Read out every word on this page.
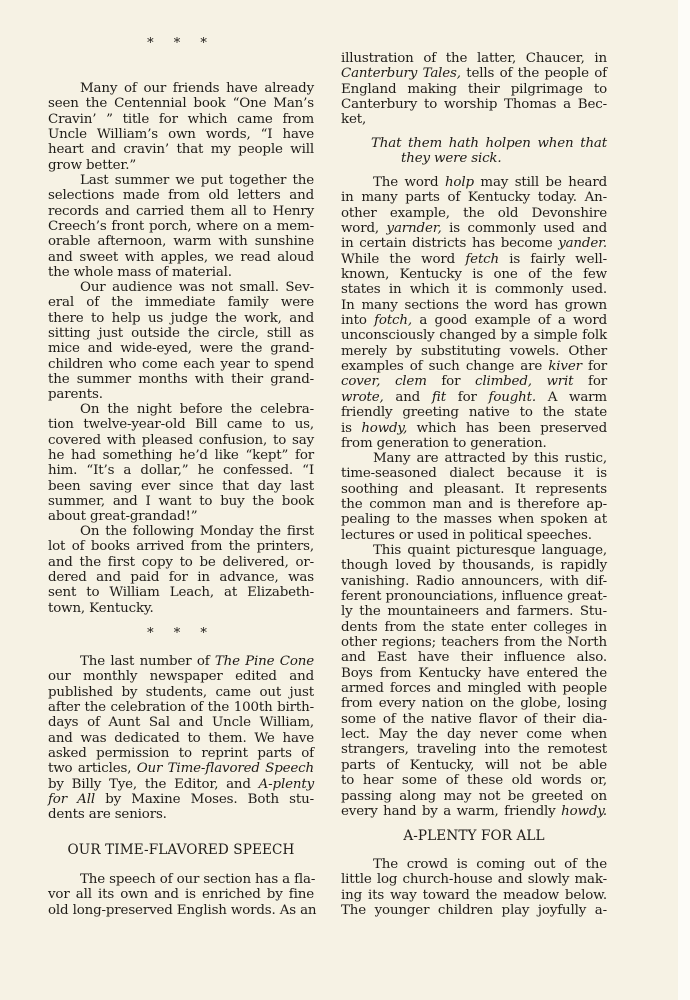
* * *
Many of our friends have already
seen the Centennial book “One Man’s
Cravin’ ” title for which came from
Uncle William’s own words, “I have
heart and cravin’ that my people will
grow better.”
Last summer we put together the
selections made from old letters and
records and carried them all to Henry
Creech’s front porch, where on a mem-
orable afternoon, warm with sunshine
and sweet with apples, we read aloud
the whole mass of material.
Our audience was not small. Sev-
eral of the immediate family were
there to help us judge the work, and
sitting just outside the circle, still as
mice and wide-eyed, were the grand-
children who come each year to spend
the summer months with their grand-
parents.
On the night before the celebra-
tion twelve-year-old Bill came to us,
covered with pleased confusion, to say
he had something he’d like “kept” for
him. “It’s a dollar,” he confessed. “I
been saving ever since that day last
summer, and I want to buy the book
about great-grandad!”
On the following Monday the first
lot of books arrived from the printers,
and the first copy to be delivered, or-
dered and paid for in advance, was
sent to William Leach, at Elizabeth-
town, Kentucky.
* * *
The last number of The Pine Cone
our monthly newspaper edited and
published by students, came out just
after the celebration of the 100th birth-
days of Aunt Sal and Uncle William,
and was dedicated to them. We have
asked permission to reprint parts of
two articles, Our Time-flavored Speech
by Billy Tye, the Editor, and A-plenty
for All by Maxine Moses. Both stu-
dents are seniors.
OUR TIME-FLAVORED SPEECH
The speech of our section has a fla-
vor all its own and is enriched by fine
old long-preserved English words. As an
illustration of the latter, Chaucer, in
Canterbury Tales, tells of the people of
England making their pilgrimage to
Canterbury to worship Thomas a Bec-
ket,
That them hath holpen when that
they were sick.
The word holp may still be heard
in many parts of Kentucky today. An-
other example, the old Devonshire
word, yarnder, is commonly used and
in certain districts has become yander.
While the word fetch is fairly well-
known, Kentucky is one of the few
states in which it is commonly used.
In many sections the word has grown
into fotch, a good example of a word
unconsciously changed by a simple folk
merely by substituting vowels. Other
examples of such change are kiver for
cover, clem for climbed, writ for
wrote, and fit for fought. A warm
friendly greeting native to the state
is howdy, which has been preserved
from generation to generation.
Many are attracted by this rustic,
time-seasoned dialect because it is
soothing and pleasant. It represents
the common man and is therefore ap-
pealing to the masses when spoken at
lectures or used in political speeches.
This quaint picturesque language,
though loved by thousands, is rapidly
vanishing. Radio announcers, with dif-
ferent pronounciations, influence great-
ly the mountaineers and farmers. Stu-
dents from the state enter colleges in
other regions; teachers from the North
and East have their influence also.
Boys from Kentucky have entered the
armed forces and mingled with people
from every nation on the globe, losing
some of the native flavor of their dia-
lect. May the day never come when
strangers, traveling into the remotest
parts of Kentucky, will not be able
to hear some of these old words or,
passing along may not be greeted on
every hand by a warm, friendly howdy.
A-PLENTY FOR ALL
The crowd is coming out of the
little log church-house and slowly mak-
ing its way toward the meadow below.
The younger children play joyfully a-
